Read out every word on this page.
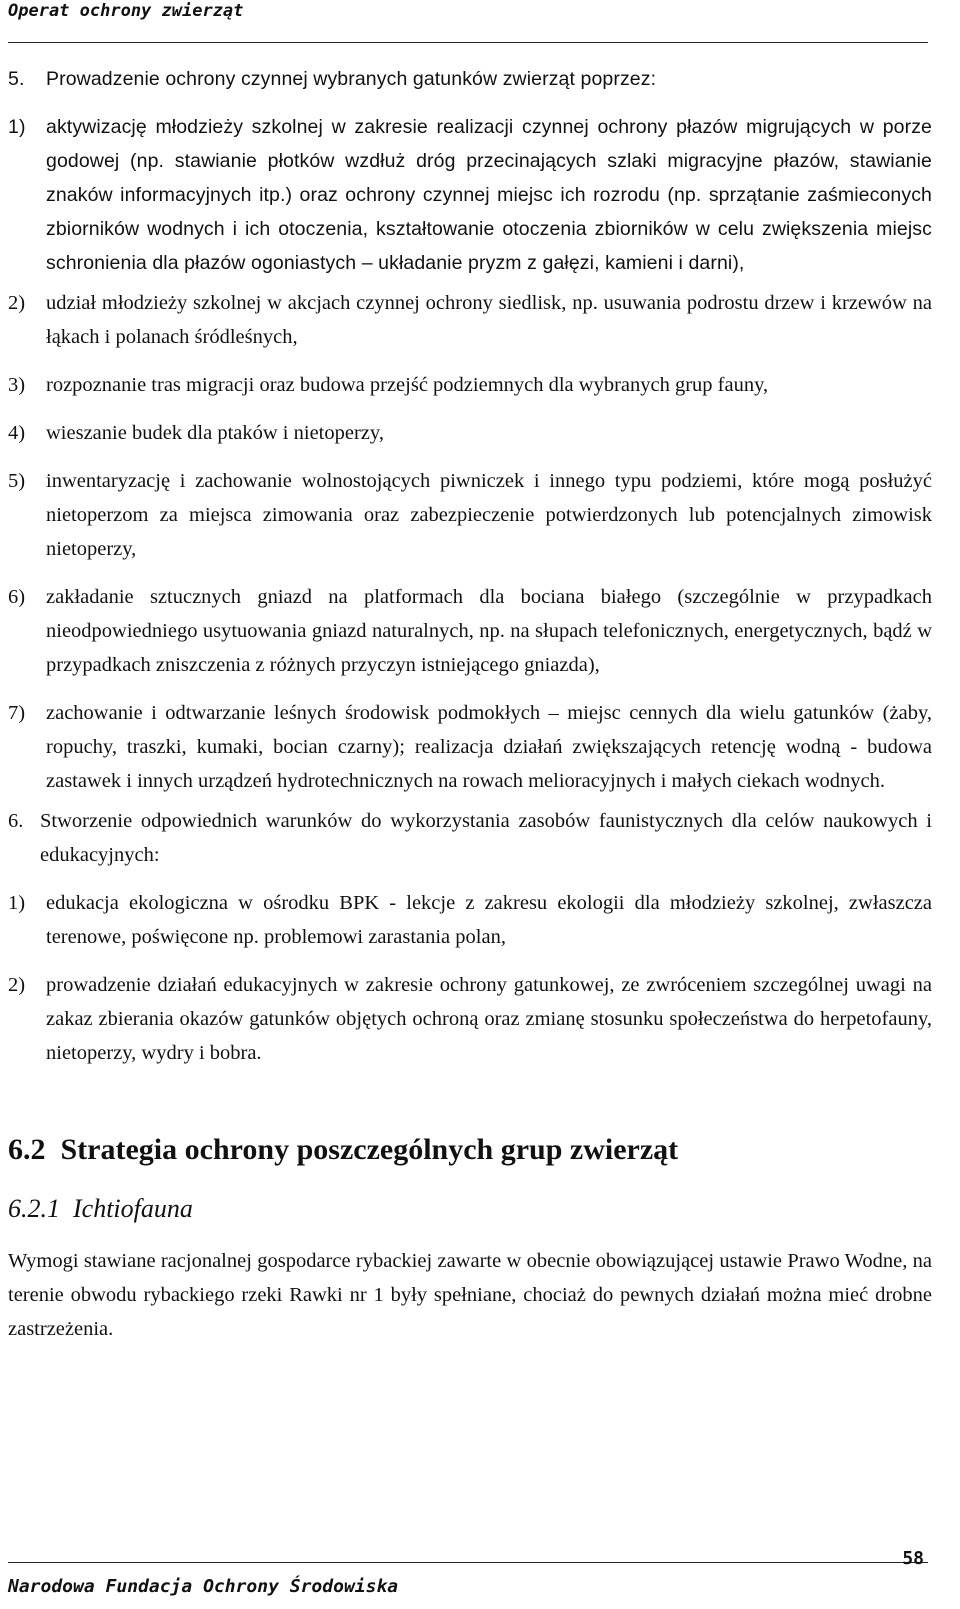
Operat ochrony zwierząt
5.	Prowadzenie ochrony czynnej wybranych gatunków zwierząt poprzez:
1)	aktywizację młodzieży szkolnej w zakresie realizacji czynnej ochrony płazów migrujących w porze godowej (np. stawianie płotków wzdłuż dróg przecinających szlaki migracyjne płazów, stawianie znaków informacyjnych itp.) oraz ochrony czynnej miejsc ich rozrodu (np. sprzątanie zaśmieconych zbiorników wodnych i ich otoczenia, kształtowanie otoczenia zbiorników w celu zwiększenia miejsc schronienia dla płazów ogoniastych – układanie pryzm z gałęzi, kamieni i darni),
2)	udział młodzieży szkolnej w akcjach czynnej ochrony siedlisk, np. usuwania podrostu drzew i krzewów na łąkach i polanach śródleśnych,
3)	rozpoznanie tras migracji oraz budowa przejść podziemnych dla wybranych grup fauny,
4)	wieszanie budek dla ptaków i nietoperzy,
5)	inwentaryzację i zachowanie wolnostojących piwniczek i innego typu podziemi, które mogą posłużyć nietoperzom za miejsca zimowania oraz zabezpieczenie potwierdzonych lub potencjalnych zimowisk nietoperzy,
6)	zakładanie sztucznych gniazd na platformach dla bociana białego (szczególnie w przypadkach nieodpowiedniego usytuowania gniazd naturalnych, np. na słupach telefonicznych, energetycznych, bądź w przypadkach zniszczenia z różnych przyczyn istniejącego gniazda),
7)	zachowanie i odtwarzanie leśnych środowisk podmokłych – miejsc cennych dla wielu gatunków (żaby, ropuchy, traszki, kumaki, bocian czarny); realizacja działań zwiększających retencję wodną - budowa zastawek i innych urządzeń hydrotechnicznych na rowach melioracyjnych i małych ciekach wodnych.
6. Stworzenie odpowiednich warunków do wykorzystania zasobów faunistycznych dla celów naukowych i edukacyjnych:
1)	edukacja ekologiczna w ośrodku BPK - lekcje z zakresu ekologii dla młodzieży szkolnej, zwłaszcza terenowe, poświęcone np. problemowi zarastania polan,
2)	prowadzenie działań edukacyjnych w zakresie ochrony gatunkowej, ze zwróceniem szczególnej uwagi na zakaz zbierania okazów gatunków objętych ochroną oraz zmianę stosunku społeczeństwa do herpetofauny, nietoperzy, wydry i bobra.
6.2  Strategia ochrony poszczególnych grup zwierząt
6.2.1  Ichtiofauna
Wymogi stawiane racjonalnej gospodarce rybackiej zawarte w obecnie obowiązującej ustawie Prawo Wodne, na terenie obwodu rybackiego rzeki Rawki nr 1 były spełniane, chociaż do pewnych działań można mieć drobne zastrzeżenia.
Narodowa Fundacja Ochrony Środowiska
58
